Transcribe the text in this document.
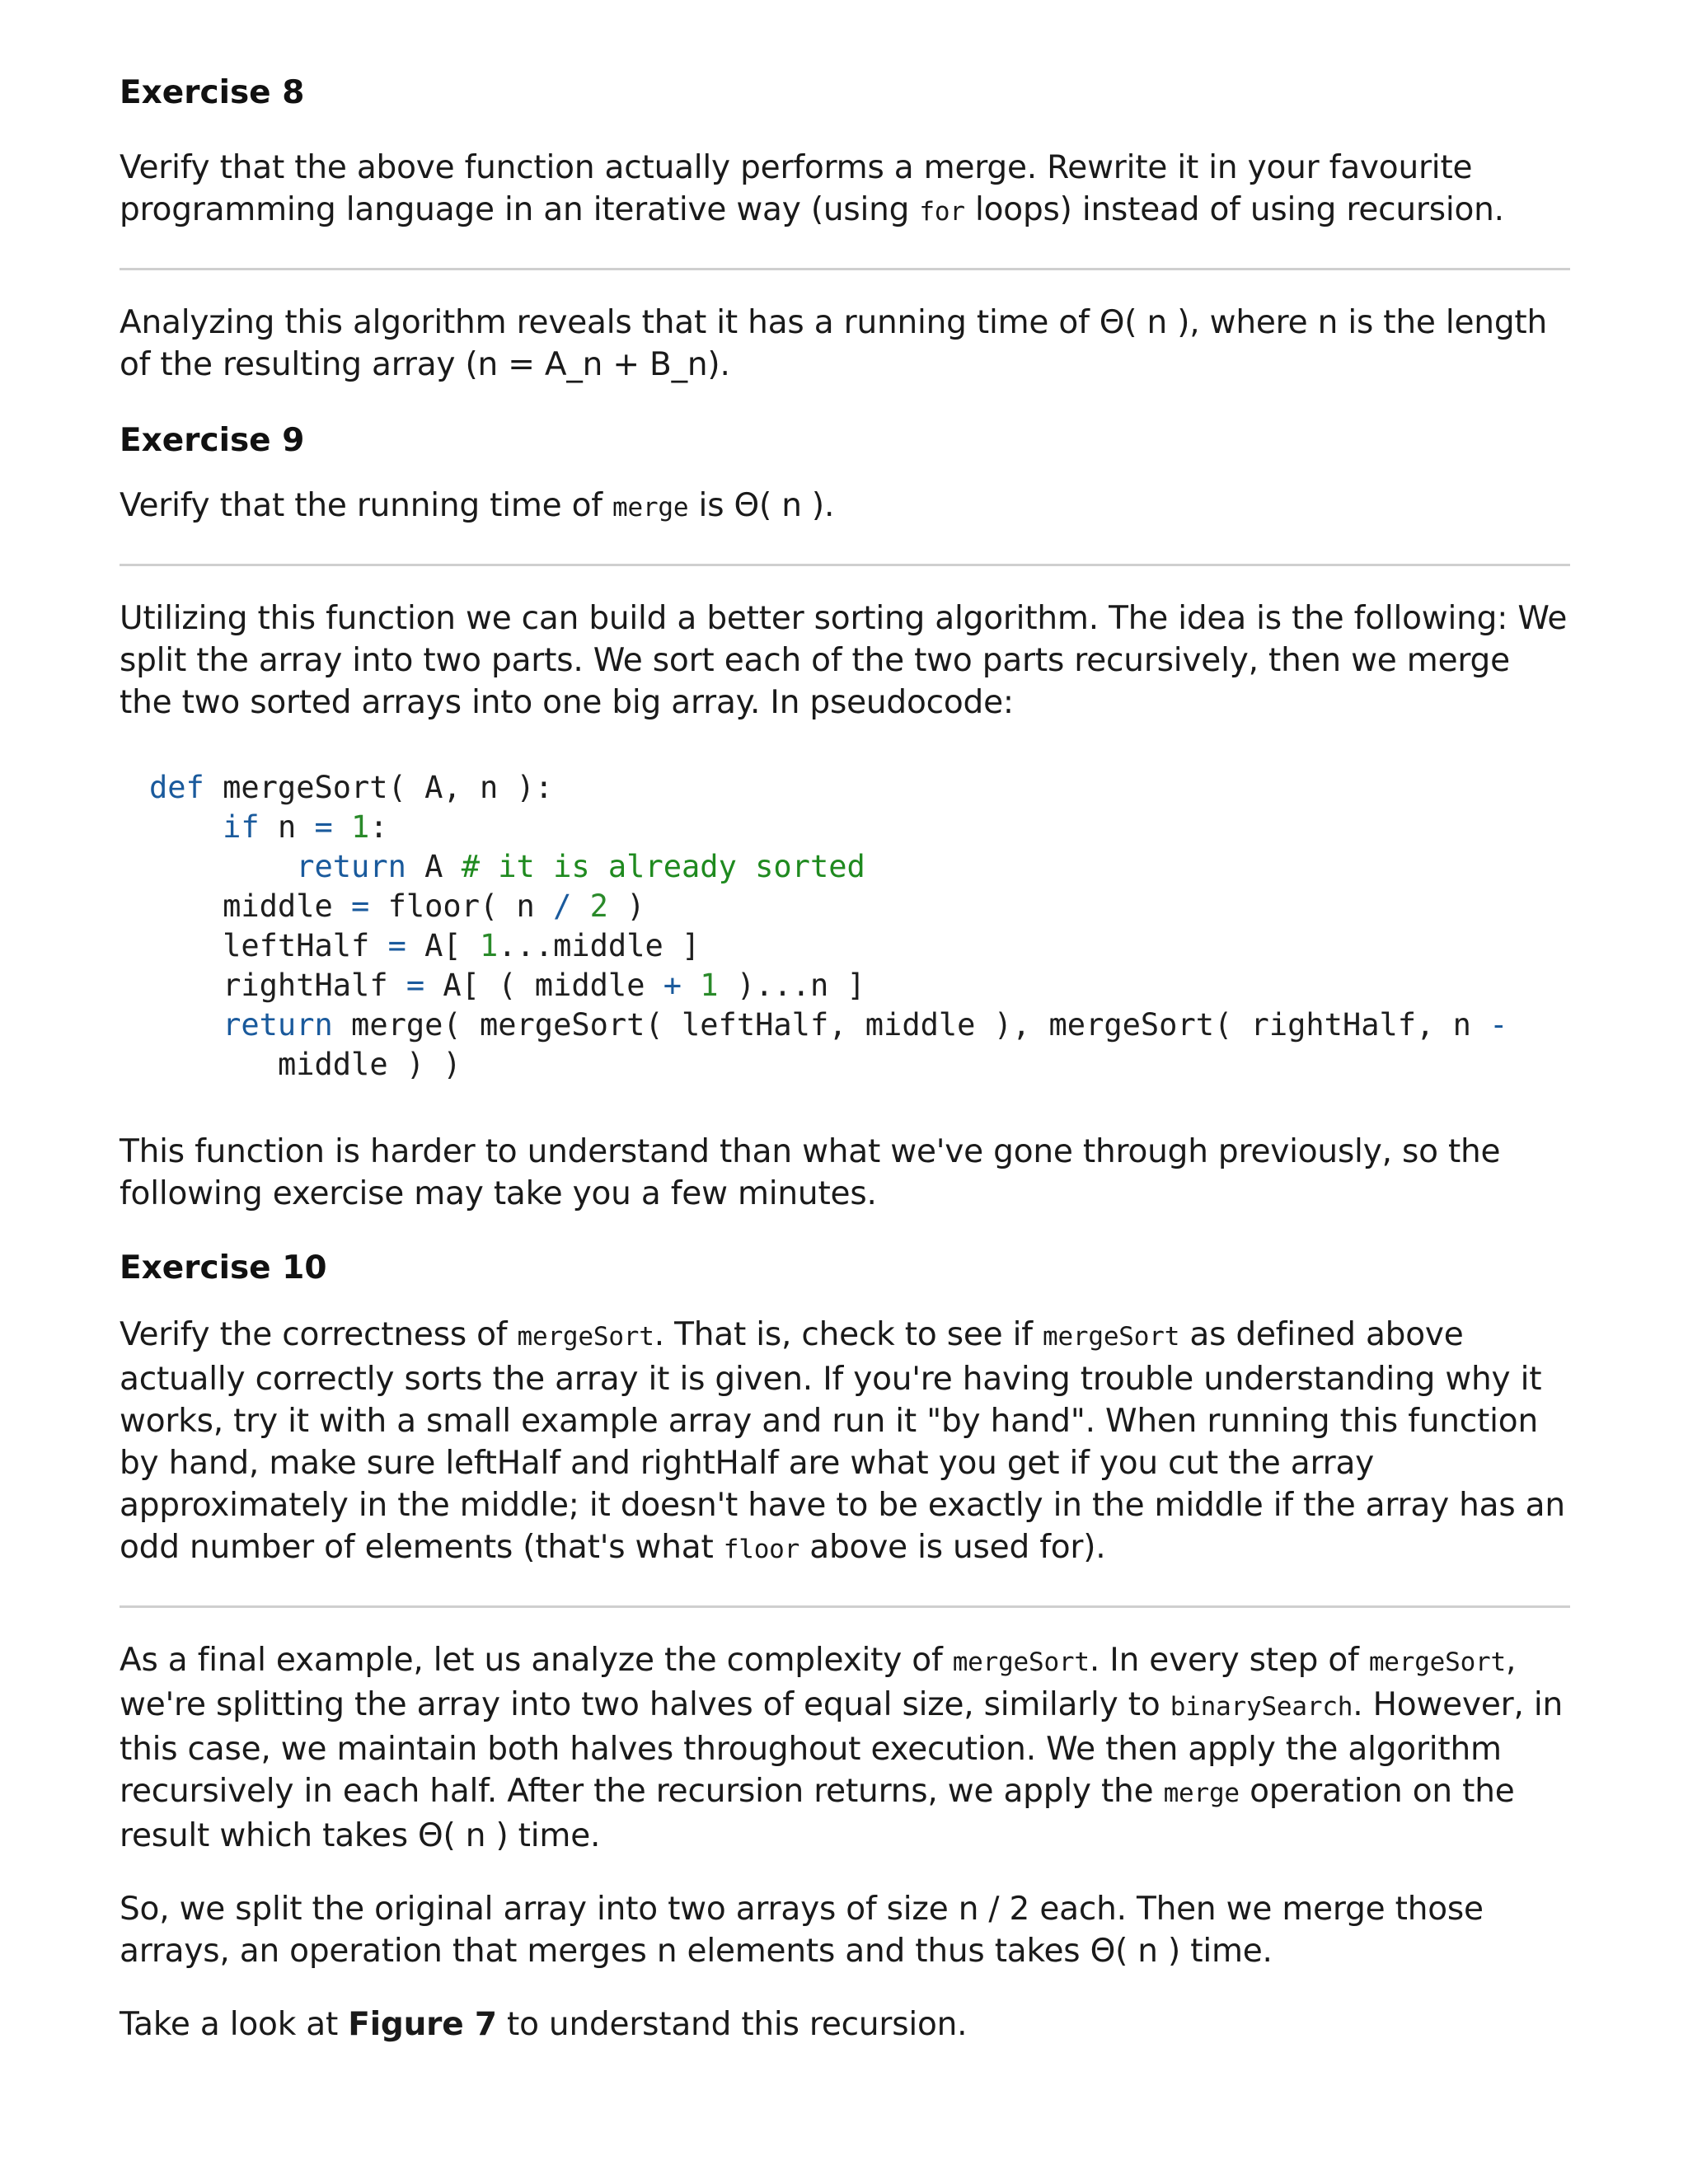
Exercise 8

Verify that the above function actually performs a merge. Rewrite it in your favourite programming language in an iterative way (using for loops) instead of using recursion.

Analyzing this algorithm reveals that it has a running time of Θ( n ), where n is the length of the resulting array (n = A_n + B_n).

Exercise 9

Verify that the running time of merge is Θ( n ).

Utilizing this function we can build a better sorting algorithm. The idea is the following: We split the array into two parts. We sort each of the two parts recursively, then we merge the two sorted arrays into one big array. In pseudocode:

def mergeSort( A, n ):
if n = 1:
return A # it is already sorted
middle = floor( n / 2 )
leftHalf = A[ 1...middle ]
rightHalf = A[ ( middle + 1 )...n ]
return merge( mergeSort( leftHalf, middle ), mergeSort( rightHalf, n -
middle ) )

This function is harder to understand than what we've gone through previously, so the following exercise may take you a few minutes.

Exercise 10

Verify the correctness of mergeSort. That is, check to see if mergeSort as defined above actually correctly sorts the array it is given. If you're having trouble understanding why it works, try it with a small example array and run it "by hand". When running this function by hand, make sure leftHalf and rightHalf are what you get if you cut the array approximately in the middle; it doesn't have to be exactly in the middle if the array has an odd number of elements (that's what floor above is used for).

As a final example, let us analyze the complexity of mergeSort. In every step of mergeSort, we're splitting the array into two halves of equal size, similarly to binarySearch. However, in this case, we maintain both halves throughout execution. We then apply the algorithm recursively in each half. After the recursion returns, we apply the merge operation on the result which takes Θ( n ) time.

So, we split the original array into two arrays of size n / 2 each. Then we merge those arrays, an operation that merges n elements and thus takes Θ( n ) time.

Take a look at Figure 7 to understand this recursion.
